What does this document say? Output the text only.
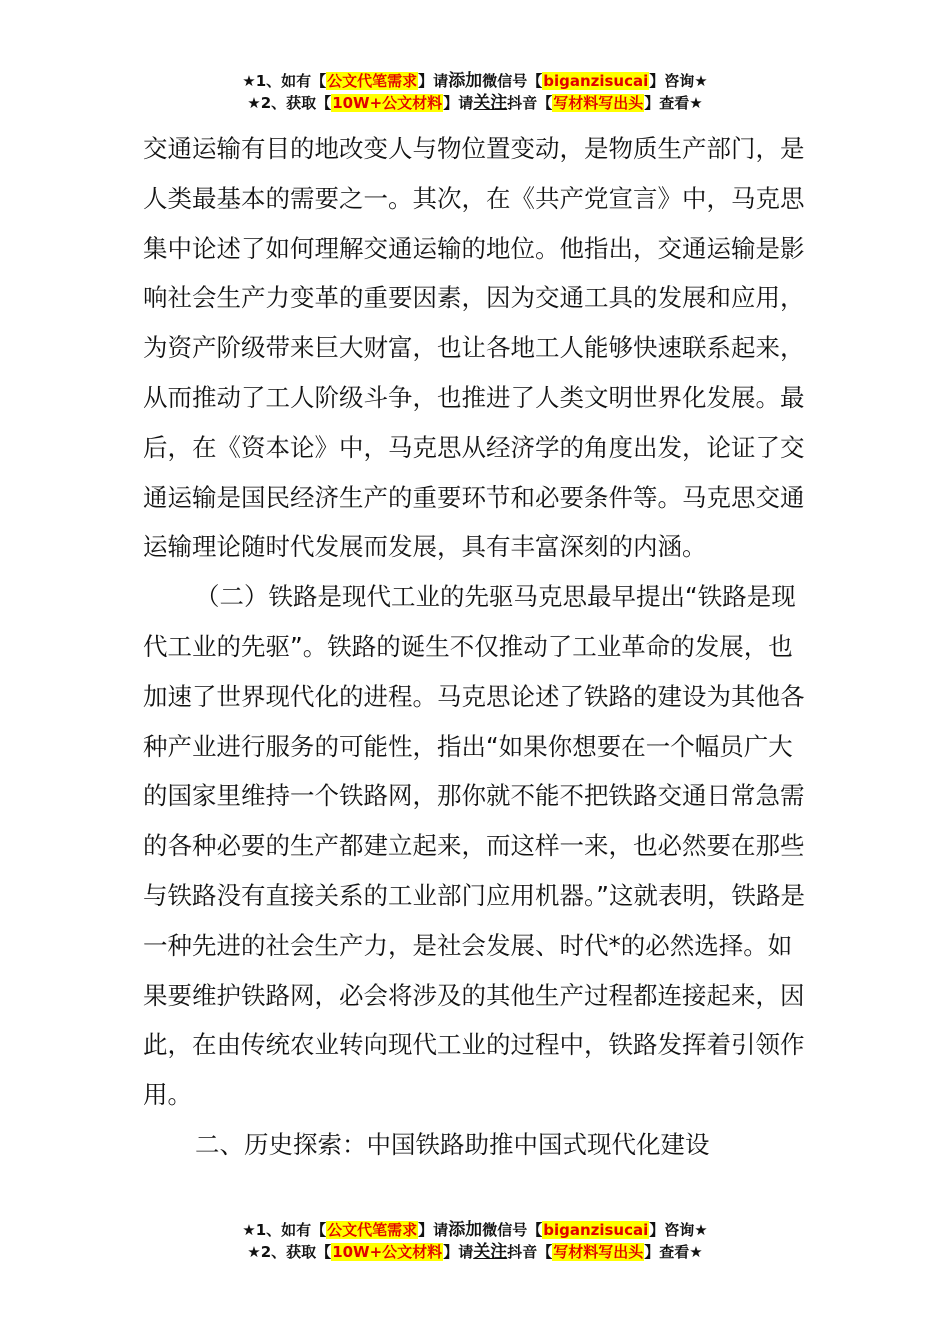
★1、如有【公文代笔需求】请添加微信号【biganzisucai】咨询★
★2、获取【10W+公文材料】请关注抖音【写材料写出头】查看★

交通运输有目的地改变人与物位置变动，是物质生产部门，是人类最基本的需要之一。其次，在《共产党宣言》中，马克思集中论述了如何理解交通运输的地位。他指出，交通运输是影响社会生产力变革的重要因素，因为交通工具的发展和应用，为资产阶级带来巨大财富，也让各地工人能够快速联系起来，从而推动了工人阶级斗争，也推进了人类文明世界化发展。最后，在《资本论》中，马克思从经济学的角度出发，论证了交通运输是国民经济生产的重要环节和必要条件等。马克思交通运输理论随时代发展而发展，具有丰富深刻的内涵。

（二）铁路是现代工业的先驱马克思最早提出“铁路是现代工业的先驱”。铁路的诞生不仅推动了工业革命的发展，也加速了世界现代化的进程。马克思论述了铁路的建设为其他各种产业进行服务的可能性，指出“如果你想要在一个幅员广大的国家里维持一个铁路网，那你就不能不把铁路交通日常急需的各种必要的生产都建立起来，而这样一来，也必然要在那些与铁路没有直接关系的工业部门应用机器。”这就表明，铁路是一种先进的社会生产力，是社会发展、时代*的必然选择。如果要维护铁路网，必会将涉及的其他生产过程都连接起来，因此，在由传统农业转向现代工业的过程中，铁路发挥着引领作用。

二、历史探索：中国铁路助推中国式现代化建设

★1、如有【公文代笔需求】请添加微信号【biganzisucai】咨询★
★2、获取【10W+公文材料】请关注抖音【写材料写出头】查看★
